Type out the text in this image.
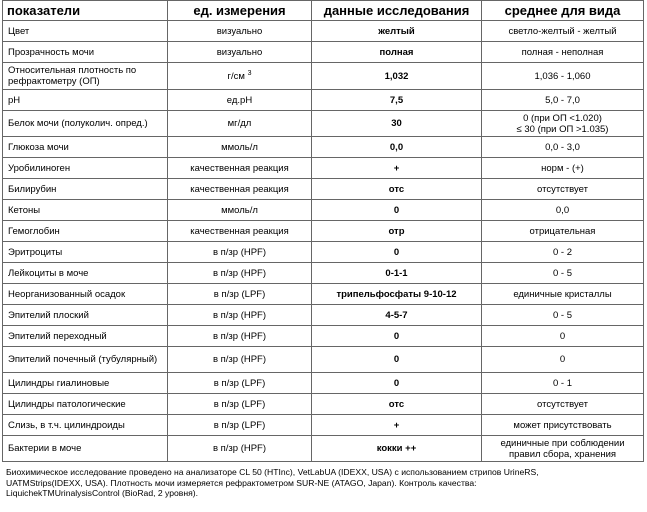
показатели	ед. измерения	данные исследования	среднее для вида
Цвет	визуально	желтый	светло-желтый - желтый

Прозрачность мочи	визуально	полная	полная - неполная

Относительная плотность по рефрактометру (ОП)	г/см $^3$	1,032	1,036 - 1,060

pH	ед.pH	7,5	5,0 - 7,0

Белок мочи (полуколич. опред.)	мг/дл	30	0 (при ОП <1.020)
≤ 30 (при ОП >1.035)

Глюкоза мочи	ммоль/л	0,0	0,0 - 3,0

Уробилиноген	качественная реакция	+	норм - (+)

Билирубин	качественная реакция	отс	отсутствует

Кетоны	ммоль/л	0	0,0

Гемоглобин	качественная реакция	отр	отрицательная

Эритроциты	в п/зр (HPF)	0	0 - 2

Лейкоциты в моче	в п/зр (HPF)	0-1-1	0 - 5

Неорганизованный осадок	в п/зр (LPF)	трипельфосфаты 9-10-12	единичные кристаллы

Эпителий плоский	в п/зр (HPF)	4-5-7	0 - 5

Эпителий переходный	в п/зр (HPF)	0	0

Эпителий почечный (тубулярный)	в п/зр (HPF)	0	0

Цилиндры гиалиновые	в п/зр (LPF)	0	0 - 1

Цилиндры патологические	в п/зр (LPF)	отс	отсутствует

Слизь, в т.ч. цилиндроиды	в п/зр (LPF)	+	может присутствовать

Бактерии в моче	в п/зр (HPF)	кокки ++	единичные при соблюдении правил сбора, хранения
Биохимическое исследование проведено на анализаторе CL 50 (HTInc), VetLabUA (IDEXX, USA) с использованием стрипов UrineRS,
UATMStrips(IDEXX, USA). Плотность мочи измеряется рефрактометром SUR-NE (ATAGO, Japan). Контроль качества:
LiquichekTMUrinalysisControl (BioRad, 2 уровня).
